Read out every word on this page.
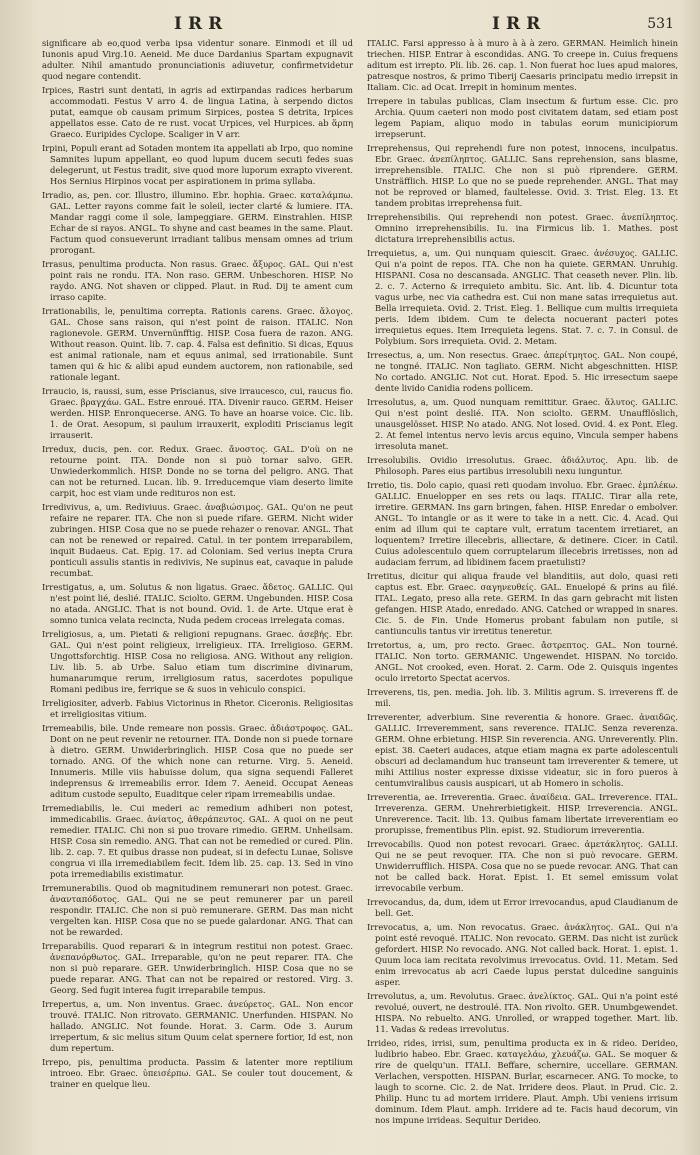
IRR	IRR	531

significare ab eo,quod verba ipsa videntur sonare. Einmodi et ill ud Iunonis apud Virg.10. Aeneid. Me duce Dardanius Spartam expugnavit adulter. Nihil amantudo pronunciationis adiuvetur, confirmetvidetur quod negare contendit.

Irpices, Rastri sunt dentati, in agris ad extirpandas radices herbarum accommodati. Festus V arro 4. de lingua Latina, à serpendo dictos putat, eamque ob causam primum Sirpices, postea S detrita, Irpices appellatos esse. Cato de re rust. vocat Urpices, vel Hurpices. ab ἅρπη Graeco. Euripides Cyclope. Scaliger in V arr.

Irpini, Populi erant ad Sotaden montem ita appellati ab Irpo, quo nomine Samnites lupum appellant, eo quod lupum ducem secuti fedes suas delegerunt, ut Festus tradit, sive quod more luporum exrapto viverent. Hos Sernius Hirpinos vocat per aspirationem in prima syllaba.

Irradio, as, pen. cor. Illustro, illumino. Ebr. hophia. Graec. καταλάμπω. GAL. Letter rayons comme fait le soleil, iecter clarté & lumiere. ITA. Mandar raggi come il sole, lampeggiare. GERM. Einstrahlen. HISP. Echar de si rayos. ANGL. To shyne and cast beames in the same. Plaut. Factum quod consueverunt irradiant talibus mensam omnes ad trium prorogant.

Irrasus, penultima producta. Non rasus. Graec. ἄξυρος. GAL. Qui n'est point rais ne rondu. ITA. Non raso. GERM. Unbeschoren. HISP. No raydo. ANG. Not shaven or clipped. Plaut. in Rud. Dij te ament cum irraso capite.

Irrationabilis, le, penultima correpta. Rationis carens. Graec. ἄλογος. GAL. Chose sans raison, qui n'est point de raison. ITALIC. Non ragionevole. GERM. Unvernünfftig. HISP. Cosa fuera de razon. ANG. Without reason. Quint. lib. 7. cap. 4. Falsa est definitio. Si dicas, Equus est animal rationale, nam et equus animal, sed irrationabile. Sunt tamen qui & hic & alibi apud eundem auctorem, non rationabile, sed rationale legant.

Irraucio, is, raussi, sum, esse Priscianus, sive irraucesco, cui, raucus fio. Graec. βραγχάω. GAL. Estre enroué. ITA. Divenir rauco. GERM. Heiser werden. HISP. Enronquecerse. ANG. To have an hoarse voice. Cic. lib. 1. de Orat. Aesopum, si paulum irrauxerit, exploditi Priscianus legit irrauserit.

Irredux, ducis, pen. cor. Redux. Graec. ἄνοστος. GAL. D'où on ne retourne point. ITA. Donde non si può tornar salvo. GER. Unwiederkommlich. HISP. Donde no se torna del peligro. ANG. That can not be returned. Lucan. lib. 9. Irreducemque viam deserto limite carpit, hoc est viam unde redituros non est.

Irredivivus, a, um. Rediviuus. Graec. ἀναβιώσιμος. GAL. Qu'on ne peut refaire ne reparer. ITA. Che non si puede rifare. GERM. Nicht wider zubringen. HISP. Cosa que no se puede rehazer o renovar. ANGL. That can not be renewed or repaired. Catul. in ter pontem irreparabilem, inquit Budaeus. Cat. Epig. 17. ad Coloniam. Sed verius inepta Crura ponticuli assulis stantis in redivivis, Ne supinus eat, cavaque in palude recumbat.

Irrestigatus, a, um. Solutus & non ligatus. Graec. ἄδετος. GALLIC. Qui n'est point lié, deslié. ITALIC. Sciolto. GERM. Ungebunden. HISP. Cosa no atada. ANGLIC. That is not bound. Ovid. 1. de Arte. Utque erat è somno tunica velata recincta, Nuda pedem croceas irrelegata comas.

Irreligiosus, a, um. Pietati & religioni repugnans. Graec. ἀσεβής. Ebr. GAL. Qui n'est point religieux, irreligieux. ITA. Irreligioso. GERM. Ungottsforchtig. HISP. Cosa no religiosa. ANG. Without any religion. Liv. lib. 5. ab Urbe. Saluo etiam tum discrimine divinarum, humanarumque rerum, irreligiosum ratus, sacerdotes populique Romani pedibus ire, ferrique se & suos in vehiculo conspici.

Irreligiositer, adverb. Fabius Victorinus in Rhetor. Ciceronis. Religiositas et irreligiositas vitium.

Irremeabilis, bile. Unde remeare non possis. Graec. ἀδιάστροφος. GAL. Dont on ne peut revenir ne retourner. ITA. Donde non si puede tornare à dietro. GERM. Unwiderbringlich. HISP. Cosa que no puede ser tornado. ANG. Of the which none can returne. Virg. 5. Aeneid. Innumeris. Mille viis habuisse dolum, qua signa sequendi Falleret indeprensus & irremeabilis error. Idem 7. Aeneid. Occupat Aeneas aditum custode sepulto, Euaditque celer ripam irremeabilis undae.

Irremediabilis, le. Cui mederi ac remedium adhiberi non potest, immedicabilis. Graec. ἀνίατος, ἀθεράπευτος. GAL. A quoi on ne peut remedier. ITALIC. Chi non si puo trovare rimedio. GERM. Unheilsam. HISP. Cosa sin remedio. ANG. That can not be remedied or cured. Plin. lib. 2. cap. 7. Et quibus drasse non pudeat, si in defectu Lunae, Solisve congrua vi illa irremediabilem fecit. Idem lib. 25. cap. 13. Sed in vino pota irremediabilis existimatur.

Irremunerabilis. Quod ob magnitudinem remunerari non potest. Graec. ἀνανταπόδοτος. GAL. Qui ne se peut remunerer par un pareil respondir. ITALIC. Che non si può remunerare. GERM. Das man nicht vergelten kan. HISP. Cosa que no se puede galardonar. ANG. That can not be rewarded.

Irreparabilis. Quod reparari & in integrum restitui non potest. Graec. ἀνεπανόρθωτος. GAL. Irreparable, qu'on ne peut reparer. ITA. Che non si può reparare. GER. Unwiderbringlich. HISP. Cosa que no se puede reparar. ANG. That can not be repaired or restored. Virg. 3. Georg. Sed fugit interea fugit irreparabile tempus.

Irrepertus, a, um. Non inventus. Graec. ἀνεύρετος. GAL. Non encor trouvé. ITALIC. Non ritrovato. GERMANIC. Unerfunden. HISPAN. No hallado. ANGLIC. Not founde. Horat. 3. Carm. Ode 3. Aurum irrepertum, & sic melius situm Quum celat spernere fortior, Id est, non dum repertum.

Irrepo, pis, penultima producta. Passim & latenter more reptilium introeo. Ebr. Graec. ὑπεισέρπω. GAL. Se couler tout doucement, & trainer en quelque lieu.

ITALIC. Farsi appresso à à muro à à à zero. GERMAN. Heimlich hinein triechen. HISP. Entrar à escondidas. ANG. To creepe in. Cuius frequens aditum est irrepto. Pli. lib. 26. cap. 1. Non fuerat hoc lues apud maiores, patresque nostros, & primo Tiberij Caesaris principatu medio irrepsit in Italiam. Cic. ad Ocat. Irrepit in hominum mentes.

Irrepere in tabulas publicas, Clam insectum & furtum esse. Cic. pro Archia. Quum caeteri non modo post civitatem datam, sed etiam post legem Papiam, aliquo modo in tabulas eorum municipiorum irrepserunt.

Irreprehensus, Qui reprehendi fure non potest, innocens, inculpatus. Ebr. Graec. ἀνεπίληπτος. GALLIC. Sans reprehension, sans blasme, irreprehensible. ITALIC. Che non si può riprendere. GERM. Unsträfflich. HISP. Lo que no se puede reprehender. ANGL. That may not be reproved or blamed, faultelesse. Ovid. 3. Trist. Eleg. 13. Et tandem probitas irreprehensa fuit.

Irreprehensibilis. Qui reprehendi non potest. Graec. ἀνεπίληπτος. Omnino irreprehensibilis. Iu. ina Firmicus lib. 1. Mathes. post dictatura irreprehensibilis actus.

Irrequietus, a, um. Qui nunquam quiescit. Graec. ἀνέσυχος. GALLIC. Qui n'a point de repos. ITA. Che non ha quiete. GERMAN. Unruhig. HISPANI. Cosa no descansada. ANGLIC. That ceaseth never. Plin. lib. 2. c. 7. Acterno & irrequieto ambitu. Sic. Ant. lib. 4. Dicuntur tota vagus urbe, nec via cathedra est. Cui non mane satas irrequietus aut. Bella irrequieta. Ovid. 2. Trist. Eleg. 1. Bellique cum multis irrequieta peris. Idem ibidem. Cum te delecta nocuerant pacteri potes irrequietus eques. Item Irrequieta legens. Stat. 7. c. 7. in Consul. de Polybium. Sors irrequieta. Ovid. 2. Metam.

Irresectus, a, um. Non resectus. Graec. ἀπερίτμητος. GAL. Non coupé, ne tongné. ITALIC. Non tagliato. GERM. Nicht abgeschnitten. HISP. No cortado. ANGLIC. Not cut. Horat. Epod. 5. Hic irresectum saepe dente livido Canidia rodens pollicem.

Irresolutus, a, um. Quod nunquam remittitur. Graec. ἄλυτος. GALLIC. Qui n'est point deslié. ITA. Non sciolto. GERM. Unaufflöslich, unausgelösset. HISP. No atado. ANG. Not losed. Ovid. 4. ex Pont. Eleg. 2. At femel intentus nervo levis arcus equino, Vincula semper habens irresoluta manet.

Irresolubilis. Ovidio irresolutus. Graec. ἀδιάλυτος. Apu. lib. de Philosoph. Pares eius partibus irresolubili nexu iunguntur.

Irretio, tis. Dolo capio, quasi reti quodam involuo. Ebr. Graec. ἐμπλέκω. GALLIC. Enuelopper en ses rets ou laqs. ITALIC. Tirar alla rete, irretire. GERMAN. Ins garn bringen, fahen. HISP. Enredar o embolver. ANGL. To intangle or as it were to take in a nett. Cic. 4. Acad. Qui enim ad illum qui te captare vult, erratum tacentem irretiaret, an loquentem? Irretire illecebris, alliectare, & detinere. Cicer. in Catil. Cuius adolescentulo quem corruptelarum illecebris irretisses, non ad audaciam ferrum, ad libidinem facem praetulisti?

Irretitus, dicitur qui aliqua fraude vel blanditiis, aut dolo, quasi reti captus est. Ebr. Graec. σαγηνευθείς. GAL. Enuelopé & prins au filé. ITAL. Legato, preso alla rete. GERM. In das garn gebracht mit listen gefangen. HISP. Atado, enredado. ANG. Catched or wrapped in snares. Cic. 5. de Fin. Unde Homerus probant fabulam non putile, si cantiunculis tantus vir irretitus teneretur.

Irretortus, a, um, pro recto. Graec. ἄστρεπτος. GAL. Non tourné. ITALIC. Non torto. GERMANIC. Ungewendet. HISPAN. No torcido. ANGL. Not crooked, even. Horat. 2. Carm. Ode 2. Quisquis ingentes oculo irretorto Spectat acervos.

Irreverens, tis, pen. media. Joh. lib. 3. Militis agrum. S. irreverens ff. de mil.

Irreverenter, adverbium. Sine reverentia & honore. Graec. ἀναιδῶς. GALLIC. Irreveremment, sans reverence. ITALIC. Senza reverenza. GERM. Ohne erbietung. HISP. Sin reverencia. ANG. Unreverently. Plin. epist. 38. Caeteri audaces, atque etiam magna ex parte adolescentuli obscuri ad declamandum huc transeunt tam irreverenter & temere, ut mihi Attilius noster expresse dixisse videatur, sic in foro pueros à centumviralibus causis auspicari, ut ab Homero in scholis.

Irreverentia, ae. Irreverentia. Graec. ἀναίδεια. GAL. Irreverence. ITAL. Irreverenza. GERM. Unehrerbietigkeit. HISP. Irreverencia. ANGL. Unreverence. Tacit. lib. 13. Quibus famam libertate irreverentiam eo prorupisse, frementibus Plin. epist. 92. Studiorum irreverentia.

Irrevocabilis. Quod non potest revocari. Graec. ἀμετάκλητος. GALLI. Qui ne se peut revoquer. ITA. Che non si può revocare. GERM. Unwiderrufflich. HISPA. Cosa que no se puede revocar. ANG. That can not be called back. Horat. Epist. 1. Et semel emissum volat irrevocabile verbum.

Irrevocandus, da, dum, idem ut Error irrevocandus, apud Claudianum de bell. Get.

Irrevocatus, a, um. Non revocatus. Graec. ἀνάκλητος. GAL. Qui n'a point esté revoqué. ITALIC. Non revocato. GERM. Das nicht ist zurück gefordert. HISP. No revocado. ANG. Not called back. Horat. 1. epist. 1. Quum loca iam recitata revolvimus irrevocatus. Ovid. 11. Metam. Sed enim irrevocatus ab acri Caede lupus perstat dulcedine sanguinis asper.

Irrevolutus, a, um. Revolutus. Graec. ἀνελίκτος. GAL. Qui n'a point esté revolué, ouvert, ne destroulé. ITA. Non rivolto. GER. Unumbgewendet. HISPA. No rebuelto. ANG. Unrolled, or wrapped together. Mart. lib. 11. Vadas & redeas irrevolutus.

Irrideo, rides, irrisi, sum, penultima producta ex in & rideo. Derideo, ludibrio habeo. Ebr. Graec. καταγελάω, χλευάζω. GAL. Se moquer & rire de quelqu'un. ITALI. Beffare, schernire, uccellare. GERMAN. Verlachen, verspotten. HISPAN. Burlar, escarnecer. ANG. To mocke, to laugh to scorne. Cic. 2. de Nat. Irridere deos. Plaut. in Prud. Cic. 2. Philip. Hunc tu ad mortem irridere. Plaut. Amph. Ubi veniens irrisum dominum. Idem Plaut. amph. Irridere ad te. Facis haud decorum, vin nos impune irrideas. Sequitur Derideo.
